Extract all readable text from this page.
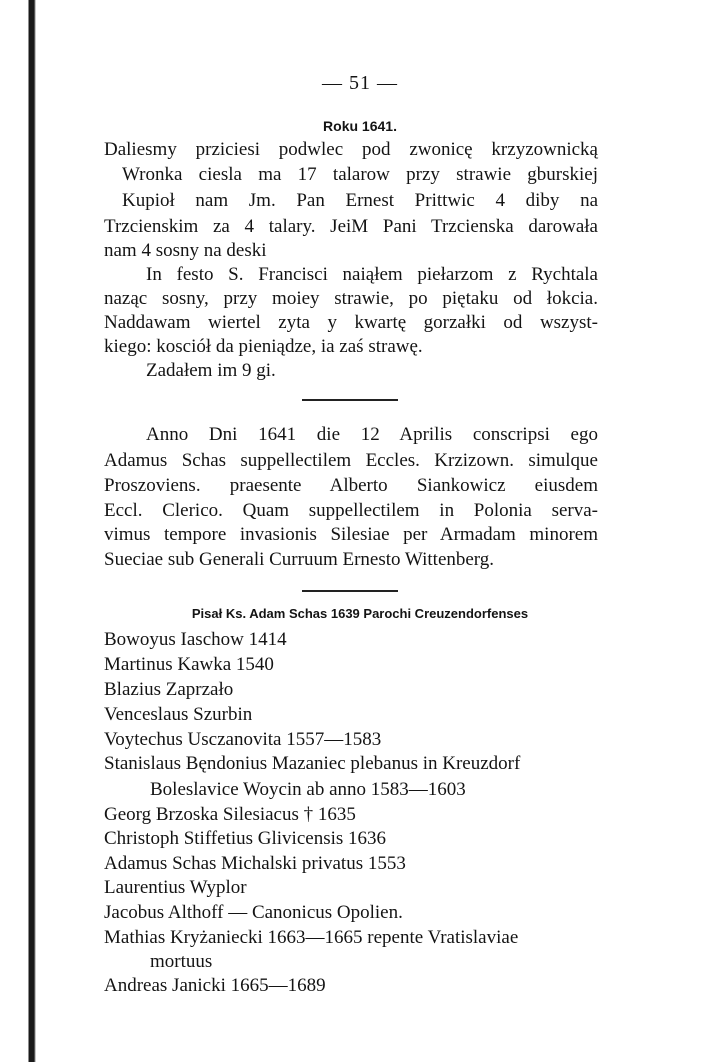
— 51 —
Roku 1641.
Daliesmy prziciesi podwlec pod zwonicę krzyzownicką
Wronka ciesla ma 17 talarow przy strawie gburskiej
Kupioł nam Jm. Pan Ernest Prittwic 4 diby na
Trzcienskim za 4 talary. JeiM Pani Trzcienska darowała
nam 4 sosny na deski
In festo S. Francisci naiąłem piełarzom z Rychtala
naząc sosny, przy moiey strawie, po piętaku od łokcia.
Naddawam wiertel zyta y kwartę gorzałki od wszyst-
kiego: kosciół da pieniądze, ia zaś strawę.
Zadałem im 9 gi.
Anno Dni 1641 die 12 Aprilis conscripsi ego
Adamus Schas suppellectilem Eccles. Krzizown. simulque
Proszoviens. praesente Alberto Siankowicz eiusdem
Eccl. Clerico. Quam suppellectilem in Polonia serva-
vimus tempore invasionis Silesiae per Armadam minorem
Sueciae sub Generali Curruum Ernesto Wittenberg.
Pisał Ks. Adam Schas 1639 Parochi Creuzendorfenses
Bowoyus Iaschow 1414
Martinus Kawka 1540
Blazius Zaprzało
Venceslaus Szurbin
Voytechus Usczanovita 1557—1583
Stanislaus Bęndonius Mazaniec plebanus in Kreuzdorf
Boleslavice Woycin ab anno 1583—1603
Georg Brzoska Silesiacus † 1635
Christoph Stiffetius Glivicensis 1636
Adamus Schas Michalski privatus 1553
Laurentius Wyplor
Jacobus Althoff — Canonicus Opolien.
Mathias Kryżaniecki 1663—1665 repente Vratislaviae
mortuus
Andreas Janicki 1665—1689
